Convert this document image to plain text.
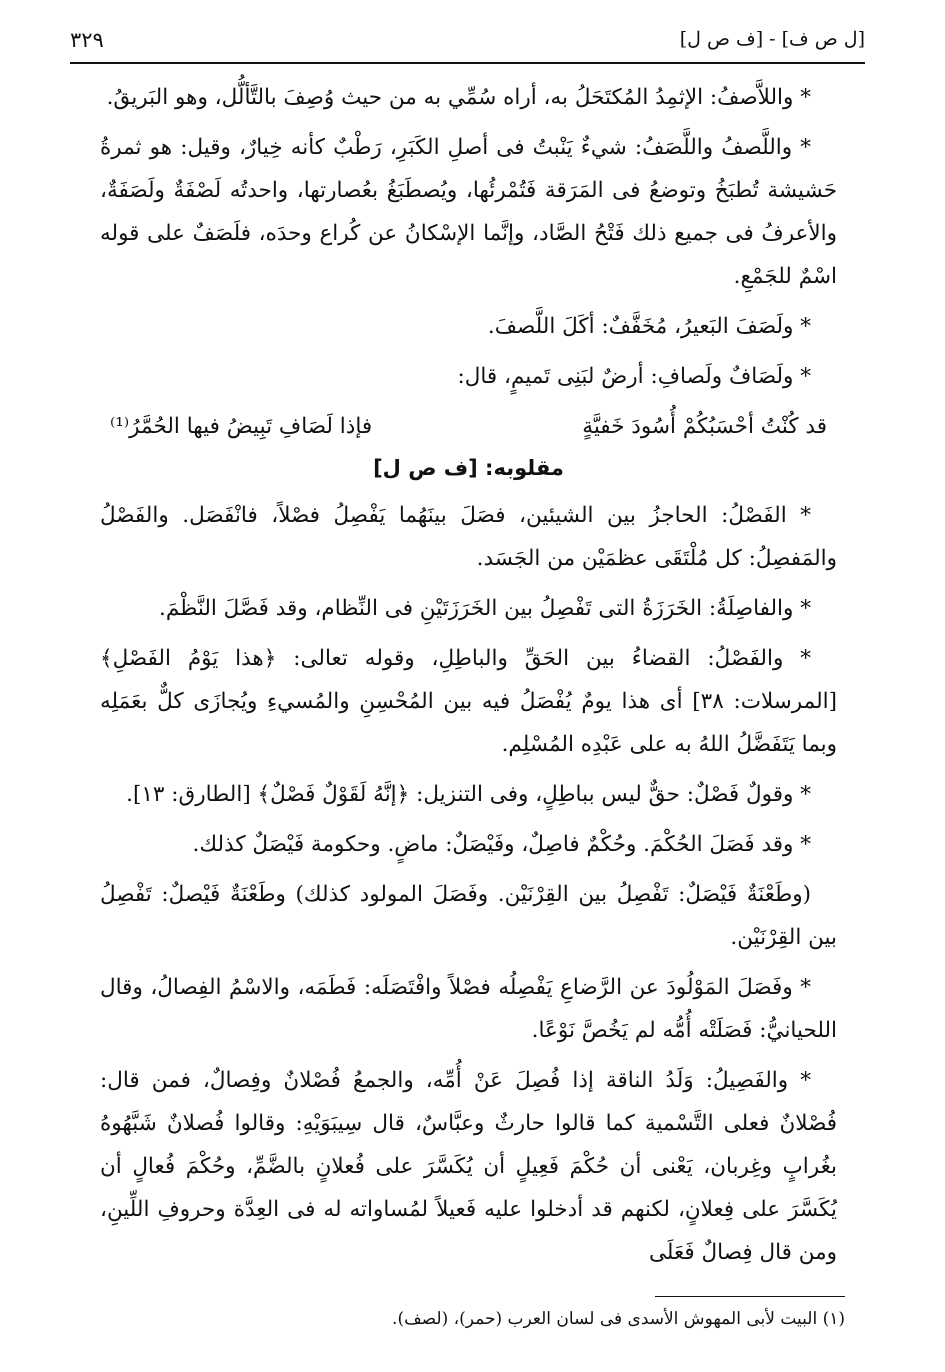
٣٢٩	[ل ص ف] - [ف ص ل]

* واللاَّصفُ: الإثمِدُ المُكتَحَلُ به، أراه سُمِّي به من حيث وُصِفَ بالتَّألُّل، وهو البَريقُ.

* واللَّصفُ واللَّصَفُ: شيءٌ يَنْبتُ فى أصلِ الكَبَرِ، رَطْبٌ كأنه خِيارٌ، وقيل: هو ثمرةُ حَشيشة تُطبَخُ وتوضعُ فى المَرَقة فَتُمْرئُها، ويُصطَبَغُ بعُصارتها، واحدتُه لَصْفَةٌ ولَصَفَةٌ، والأعرفُ فى جميع ذلك فَتْحُ الصَّاد، وإنَّما الإسْكانُ عن كُراع وحدَه، فلَصَفٌ على قوله اسْمٌ للجَمْعِ.

* ولَصَفَ البَعيرُ، مُخَفَّفٌ: أكَلَ اللَّصفَ.

* ولَصَافٌ ولَصافِ: أرضٌ لبَنِى تَميمٍ، قال:

قد كُنْتُ أحْسَبُكُمْ أُسُودَ خَفيَّةٍ
فإذا لَصَافِ تَبِيضُ فيها الحُمَّرُ⁽¹⁾
مقلوبه: [ف ص ل]

* الفَصْلُ: الحاجزُ بين الشيئين، فصَلَ بينَهُما يَفْصِلُ فصْلاً، فانْفَصَل. والفَصْلُ والمَفصِلُ: كل مُلْتَقَى عظمَيْن من الجَسَد.

* والفاصِلَةُ: الخَرَزَةُ التى تَفْصِلُ بين الخَرَزَتَيْنِ فى النِّظام، وقد فَصَّلَ النَّظْمَ.

* والفَصْلُ: القضاءُ بين الحَقِّ والباطِلِ، وقوله تعالى: ﴿هذا يَوْمُ الفَصْلِ﴾ [المرسلات: ٣٨] أى هذا يومٌ يُفْصَلُ فيه بين المُحْسِنِ والمُسيءِ ويُجازَى كلٌّ بعَمَلِه وبما يَتَفَضَّلُ اللهُ به على عَبْدِه المُسْلِم.

* وقولٌ فَصْلٌ: حقٌّ ليس بباطِلٍ، وفى التنزيل: ﴿إنَّهُ لَقَوْلٌ فَصْلٌ﴾ [الطارق: ١٣].

* وقد فَصَلَ الحُكْمَ. وحُكْمٌ فاصِلٌ، وفَيْصَلٌ: ماضٍ. وحكومة فَيْصَلٌ كذلك.

(وطَعْنَةٌ فَيْصَلٌ: تَفْصِلُ بين القِرْنَيْن. وفَصَلَ المولود كذلك) وطَعْنَةٌ فَيْصلٌ: تَفْصِلُ بين القِرْنَيْن.

* وفَصَلَ المَوْلُودَ عن الرَّضاعِ يَفْصِلُه فصْلاً وافْتَصَلَه: فَطَمَه، والاسْمُ الفِصالُ، وقال اللحيانيُّ: فَصَلَتْه أُمُّه لم يَخُصَّ نَوْعًا.

* والفَصِيلُ: وَلَدُ الناقة إذا فُصِلَ عَنْ أُمِّه، والجمعُ فُصْلانٌ وفِصالٌ، فمن قال: فُصْلانٌ فعلى التَّسْمية كما قالوا حارثٌ وعبَّاسٌ، قال سِيبَوَيْهِ: وقالوا فُصلانٌ شَبَّهُوهُ بغُرابٍ وغِربان، يَعْنى أن حُكْمَ فَعِيلٍ أن يُكَسَّرَ على فُعلانٍ بالضَّمِّ، وحُكْمَ فُعالٍ أن يُكَسَّرَ على فِعلانٍ، لكنهم قد أدخلوا عليه فَعيلاً لمُساواته له فى العِدَّة وحروفِ اللِّينِ، ومن قال فِصالٌ فَعَلَى

(١) البيت لأبى المهوش الأسدى فى لسان العرب (حمر)، (لصف).
